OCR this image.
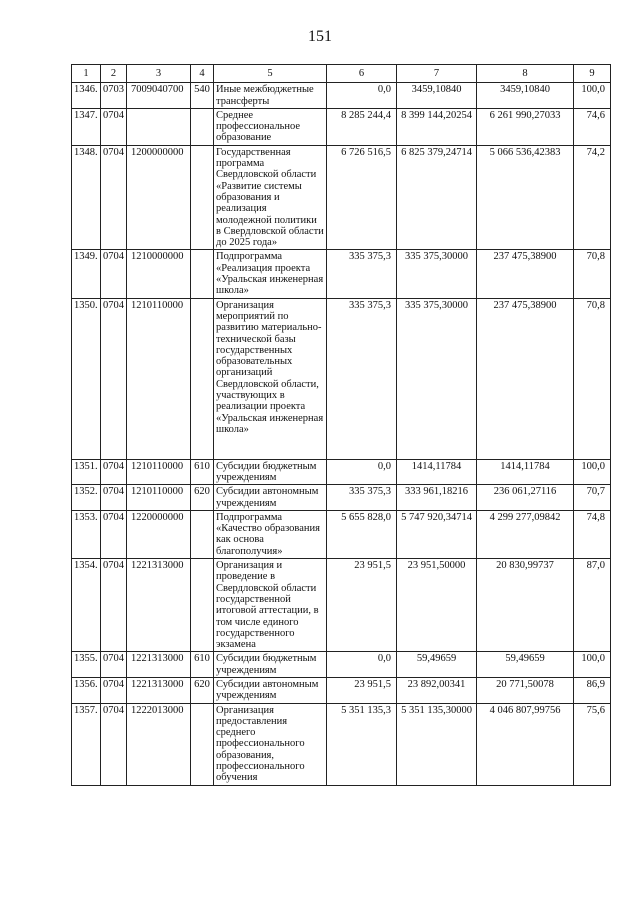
151
1	2	3	4	5	6	7	8	9
1346.	0703	7009040700	540	Иные межбюджетные трансферты	0,0	3459,10840	3459,10840	100,0
1347.	0704			Среднее профессиональное образование	8 285 244,4	8 399 144,20254	6 261 990,27033	74,6
1348.	0704	1200000000		Государственная программа Свердловской области «Развитие системы образования и реализация молодежной политики в Свердловской области до 2025 года»	6 726 516,5	6 825 379,24714	5 066 536,42383	74,2
1349.	0704	1210000000		Подпрограмма «Реализация проекта «Уральская инженерная школа»	335 375,3	335 375,30000	237 475,38900	70,8
1350.	0704	1210110000		Организация мероприятий по развитию материально-технической базы государственных образовательных организаций Свердловской области, участвующих в реализации проекта «Уральская инженерная школа»	335 375,3	335 375,30000	237 475,38900	70,8
1351.	0704	1210110000	610	Субсидии бюджетным учреждениям	0,0	1414,11784	1414,11784	100,0
1352.	0704	1210110000	620	Субсидии автономным учреждениям	335 375,3	333 961,18216	236 061,27116	70,7
1353.	0704	1220000000		Подпрограмма «Качество образования как основа благополучия»	5 655 828,0	5 747 920,34714	4 299 277,09842	74,8
1354.	0704	1221313000		Организация и проведение в Свердловской области государственной итоговой аттестации, в том числе единого государственного экзамена	23 951,5	23 951,50000	20 830,99737	87,0
1355.	0704	1221313000	610	Субсидии бюджетным учреждениям	0,0	59,49659	59,49659	100,0
1356.	0704	1221313000	620	Субсидии автономным учреждениям	23 951,5	23 892,00341	20 771,50078	86,9
1357.	0704	1222013000		Организация предоставления среднего профессионального образования, профессионального обучения	5 351 135,3	5 351 135,30000	4 046 807,99756	75,6
